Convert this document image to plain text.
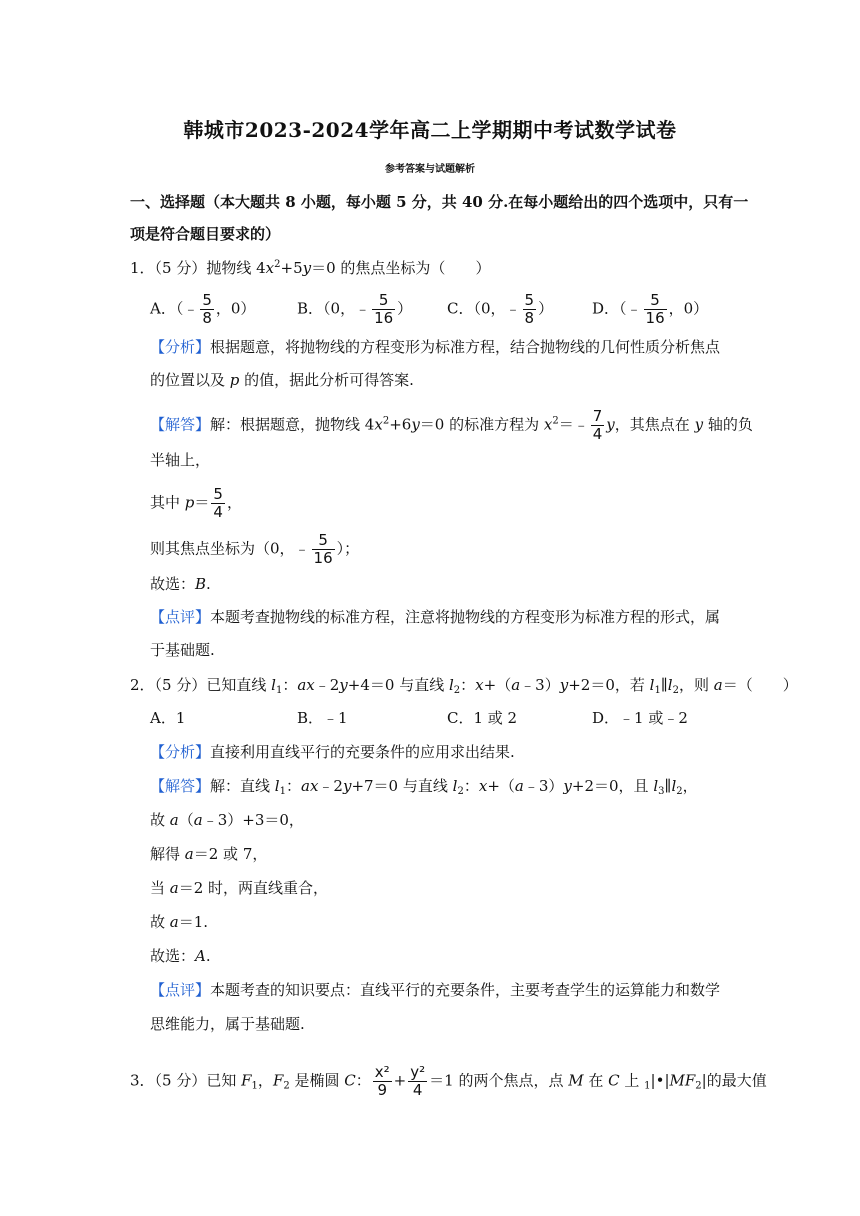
韩城市2023-2024学年高二上学期期中考试数学试卷
参考答案与试题解析
一、选择题（本大题共 8 小题，每小题 5 分，共 40 分.在每小题给出的四个选项中，只有一
项是符合题目要求的）
1．（5 分）抛物线 $4x^2+5y=0$ 的焦点坐标为（　　）
A．（﹣ $\frac{5}{8}$ ，0）	B．（0，﹣ $\frac{5}{16}$ ） C．（0，﹣ $\frac{5}{8}$ ）	D．（﹣ $\frac{5}{16}$ ，0）
【分析】根据题意，将抛物线的方程变形为标准方程，结合抛物线的几何性质分析焦点
的位置以及 p 的值，据此分析可得答案.
【解答】解：根据题意，抛物线 $4x^2+6y=0$ 的标准方程为 $x^2=﹣ \frac{7}{4}$ y，其焦点在 y 轴的负
半轴上，
其中 $p= \frac{5}{4}$ ，
则其焦点坐标为（0，﹣ $\frac{5}{16}$ ）；
故选：B.
【点评】本题考查抛物线的标准方程，注意将抛物线的方程变形为标准方程的形式，属
于基础题.
2．（5 分）已知直线 $l_1$：ax﹣2y+4＝0 与直线 $l_2$：x+（a﹣3）y+2＝0，若 $l_1\parallel l_2$，则 a＝（　　）
A．1	B．﹣1	C．1 或 2	D．﹣1 或﹣2
【分析】直接利用直线平行的充要条件的应用求出结果.
【解答】解：直线 $l_1$：ax﹣2y+7＝0 与直线 $l_2$：x+（a﹣3）y+2＝0，且 $l_3\parallel l_2$，
故 a（a﹣3）+3＝0，
解得 a＝2 或 7，
当 a＝2 时，两直线重合，
故 a＝1.
故选：A.
【点评】本题考查的知识要点：直线平行的充要条件，主要考查学生的运算能力和数学
思维能力，属于基础题.
3．（5 分）已知 $F_1$，$F_2$ 是椭圆 C： $\frac{\text{x²}}{9} + \frac{\text{y²}}{4} =1$ 的两个焦点，点 M 在 C 上 $_1|•|MF_2|$的最大值
